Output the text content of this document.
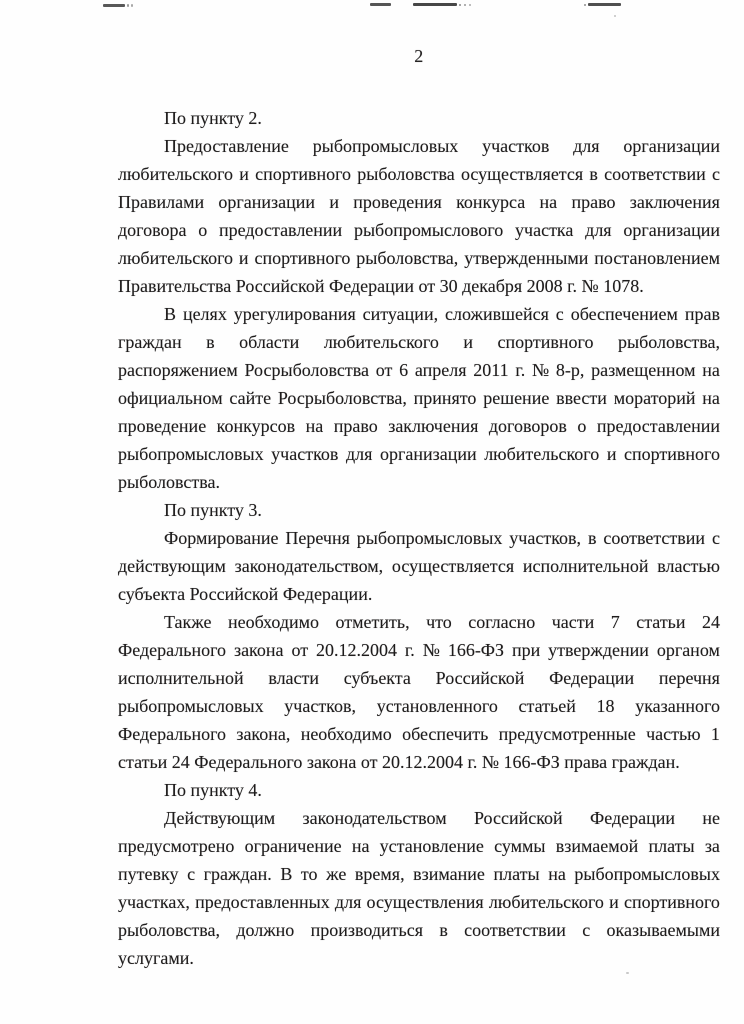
2
По пункту 2.
Предоставление рыбопромысловых участков для организации
любительского и спортивного рыболовства осуществляется в соответствии с
Правилами организации и проведения конкурса на право заключения
договора о предоставлении рыбопромыслового участка для организации
любительского и спортивного рыболовства, утвержденными постановлением
Правительства Российской Федерации от 30 декабря 2008 г. № 1078.
В целях урегулирования ситуации, сложившейся с обеспечением прав
граждан в области любительского и спортивного рыболовства,
распоряжением Росрыболовства от 6 апреля 2011 г. № 8-р, размещенном на
официальном сайте Росрыболовства, принято решение ввести мораторий на
проведение конкурсов на право заключения договоров о предоставлении
рыбопромысловых участков для организации любительского и спортивного
рыболовства.
По пункту 3.
Формирование Перечня рыбопромысловых участков, в соответствии с
действующим законодательством, осуществляется исполнительной властью
субъекта Российской Федерации.
Также необходимо отметить, что согласно части 7 статьи 24
Федерального закона от 20.12.2004 г. № 166-ФЗ при утверждении органом
исполнительной власти субъекта Российской Федерации перечня
рыбопромысловых участков, установленного статьей 18 указанного
Федерального закона, необходимо обеспечить предусмотренные частью 1
статьи 24 Федерального закона от 20.12.2004 г. № 166-ФЗ права граждан.
По пункту 4.
Действующим законодательством Российской Федерации не
предусмотрено ограничение на установление суммы взимаемой платы за
путевку с граждан. В то же время, взимание платы на рыбопромысловых
участках, предоставленных для осуществления любительского и спортивного
рыболовства, должно производиться в соответствии с оказываемыми
услугами.
